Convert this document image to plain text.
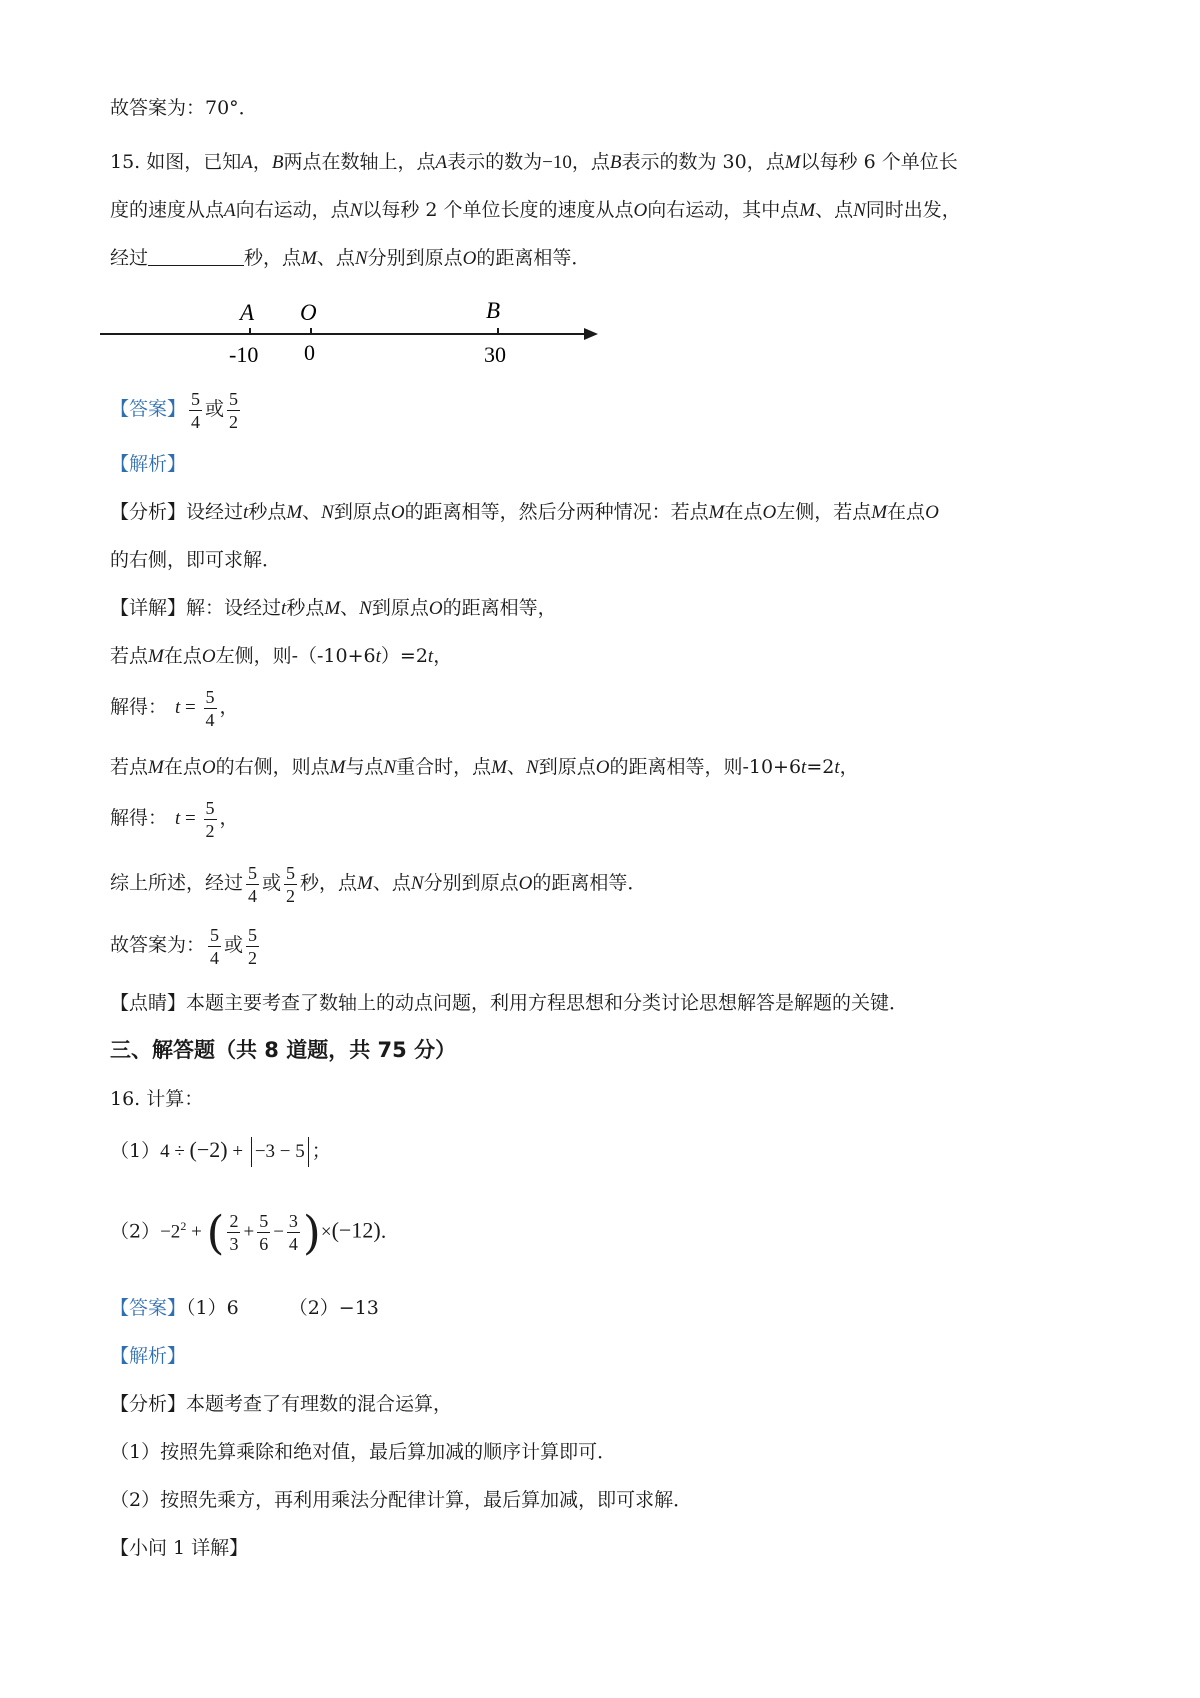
故答案为：70°．
15. 如图，已知A，B两点在数轴上，点A表示的数为−10，点B表示的数为 30，点M以每秒 6 个单位长
度的速度从点A向右运动，点N以每秒 2 个单位长度的速度从点O向右运动，其中点M、点N同时出发，
经过	秒，点M、点N分别到原点O的距离相等．
A O	B
-10 0	30
【答案】 $\frac{5}{4}$ 或 $\frac{5}{2}$
【解析】
【分析】设经过t秒点M、N到原点O的距离相等，然后分两种情况：若点M在点O左侧，若点M在点O
的右侧，即可求解．
【详解】解：设经过t秒点M、N到原点O的距离相等，
若点M在点O左侧，则-（-10+6t）=2t，
解得： $t = \frac{5}{4}$ ，
若点M在点O的右侧，则点M与点N重合时，点M、N到原点O的距离相等，则-10+6t=2t，
解得： $t = \frac{5}{2}$ ，
综上所述，经过 $\frac{5}{4}$ 或 $\frac{5}{2}$ 秒，点M、点N分别到原点O的距离相等．
故答案为： $\frac{5}{4}$ 或 $\frac{5}{2}$
【点睛】本题主要考查了数轴上的动点问题，利用方程思想和分类讨论思想解答是解题的关键．
三、解答题（共 8 道题，共 75 分）
16. 计算：
（1）4 ÷ (−2) + −3 − 5 ；
$(2)-2^2$ + ( $\frac{2}{3} + \frac{5}{6} - \frac{3}{4} )\times(-12)$．
【答案】（1）6	（2）−13
【解析】
【分析】本题考查了有理数的混合运算，
（1）按照先算乘除和绝对值，最后算加减的顺序计算即可．
（2）按照先乘方，再利用乘法分配律计算，最后算加减，即可求解．
【小问 1 详解】
